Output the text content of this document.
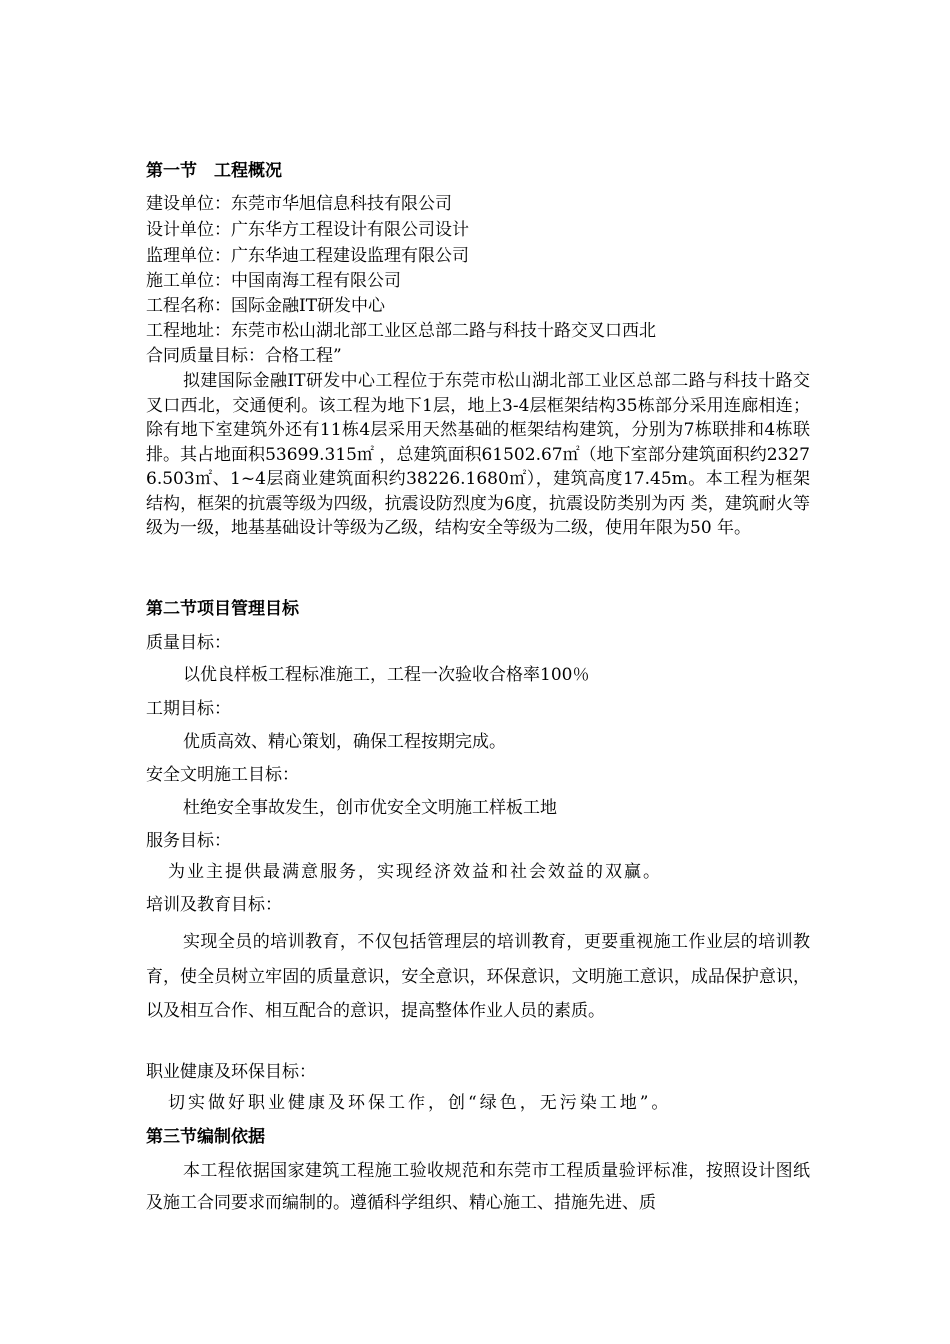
第一节　工程概况
建设单位：东莞市华旭信息科技有限公司
设计单位：广东华方工程设计有限公司设计
监理单位：广东华迪工程建设监理有限公司
施工单位：中国南海工程有限公司
工程名称：国际金融IT研发中心
工程地址：东莞市松山湖北部工业区总部二路与科技十路交叉口西北
合同质量目标：合格工程”
拟建国际金融IT研发中心工程位于东莞市松山湖北部工业区总部二路与科技十路交叉口西北，交通便利。该工程为地下1层，地上3-4层框架结构35栋部分采用连廊相连；除有地下室建筑外还有11栋4层采用天然基础的框架结构建筑，分别为7栋联排和4栋联排。其占地面积53699.315㎡ ，总建筑面积61502.67㎡（地下室部分建筑面积约23276.503㎡、1~4层商业建筑面积约38226.1680㎡），建筑高度17.45m。本工程为框架结构，框架的抗震等级为四级，抗震设防烈度为6度，抗震设防类别为丙 类，建筑耐火等级为一级，地基基础设计等级为乙级，结构安全等级为二级，使用年限为50 年。
第二节项目管理目标
质量目标：
以优良样板工程标准施工，工程一次验收合格率100％
工期目标：
优质高效、精心策划，确保工程按期完成。
安全文明施工目标：
杜绝安全事故发生，创市优安全文明施工样板工地
服务目标：
为业主提供最满意服务，实现经济效益和社会效益的双赢。
培训及教育目标：
实现全员的培训教育，不仅包括管理层的培训教育，更要重视施工作业层的培训教育，使全员树立牢固的质量意识，安全意识，环保意识，文明施工意识，成品保护意识，以及相互合作、相互配合的意识，提高整体作业人员的素质。
职业健康及环保目标：
切实做好职业健康及环保工作，创“绿色，无污染工地”。
第三节编制依据
本工程依据国家建筑工程施工验收规范和东莞市工程质量验评标准，按照设计图纸及施工合同要求而编制的。遵循科学组织、精心施工、措施先进、质
